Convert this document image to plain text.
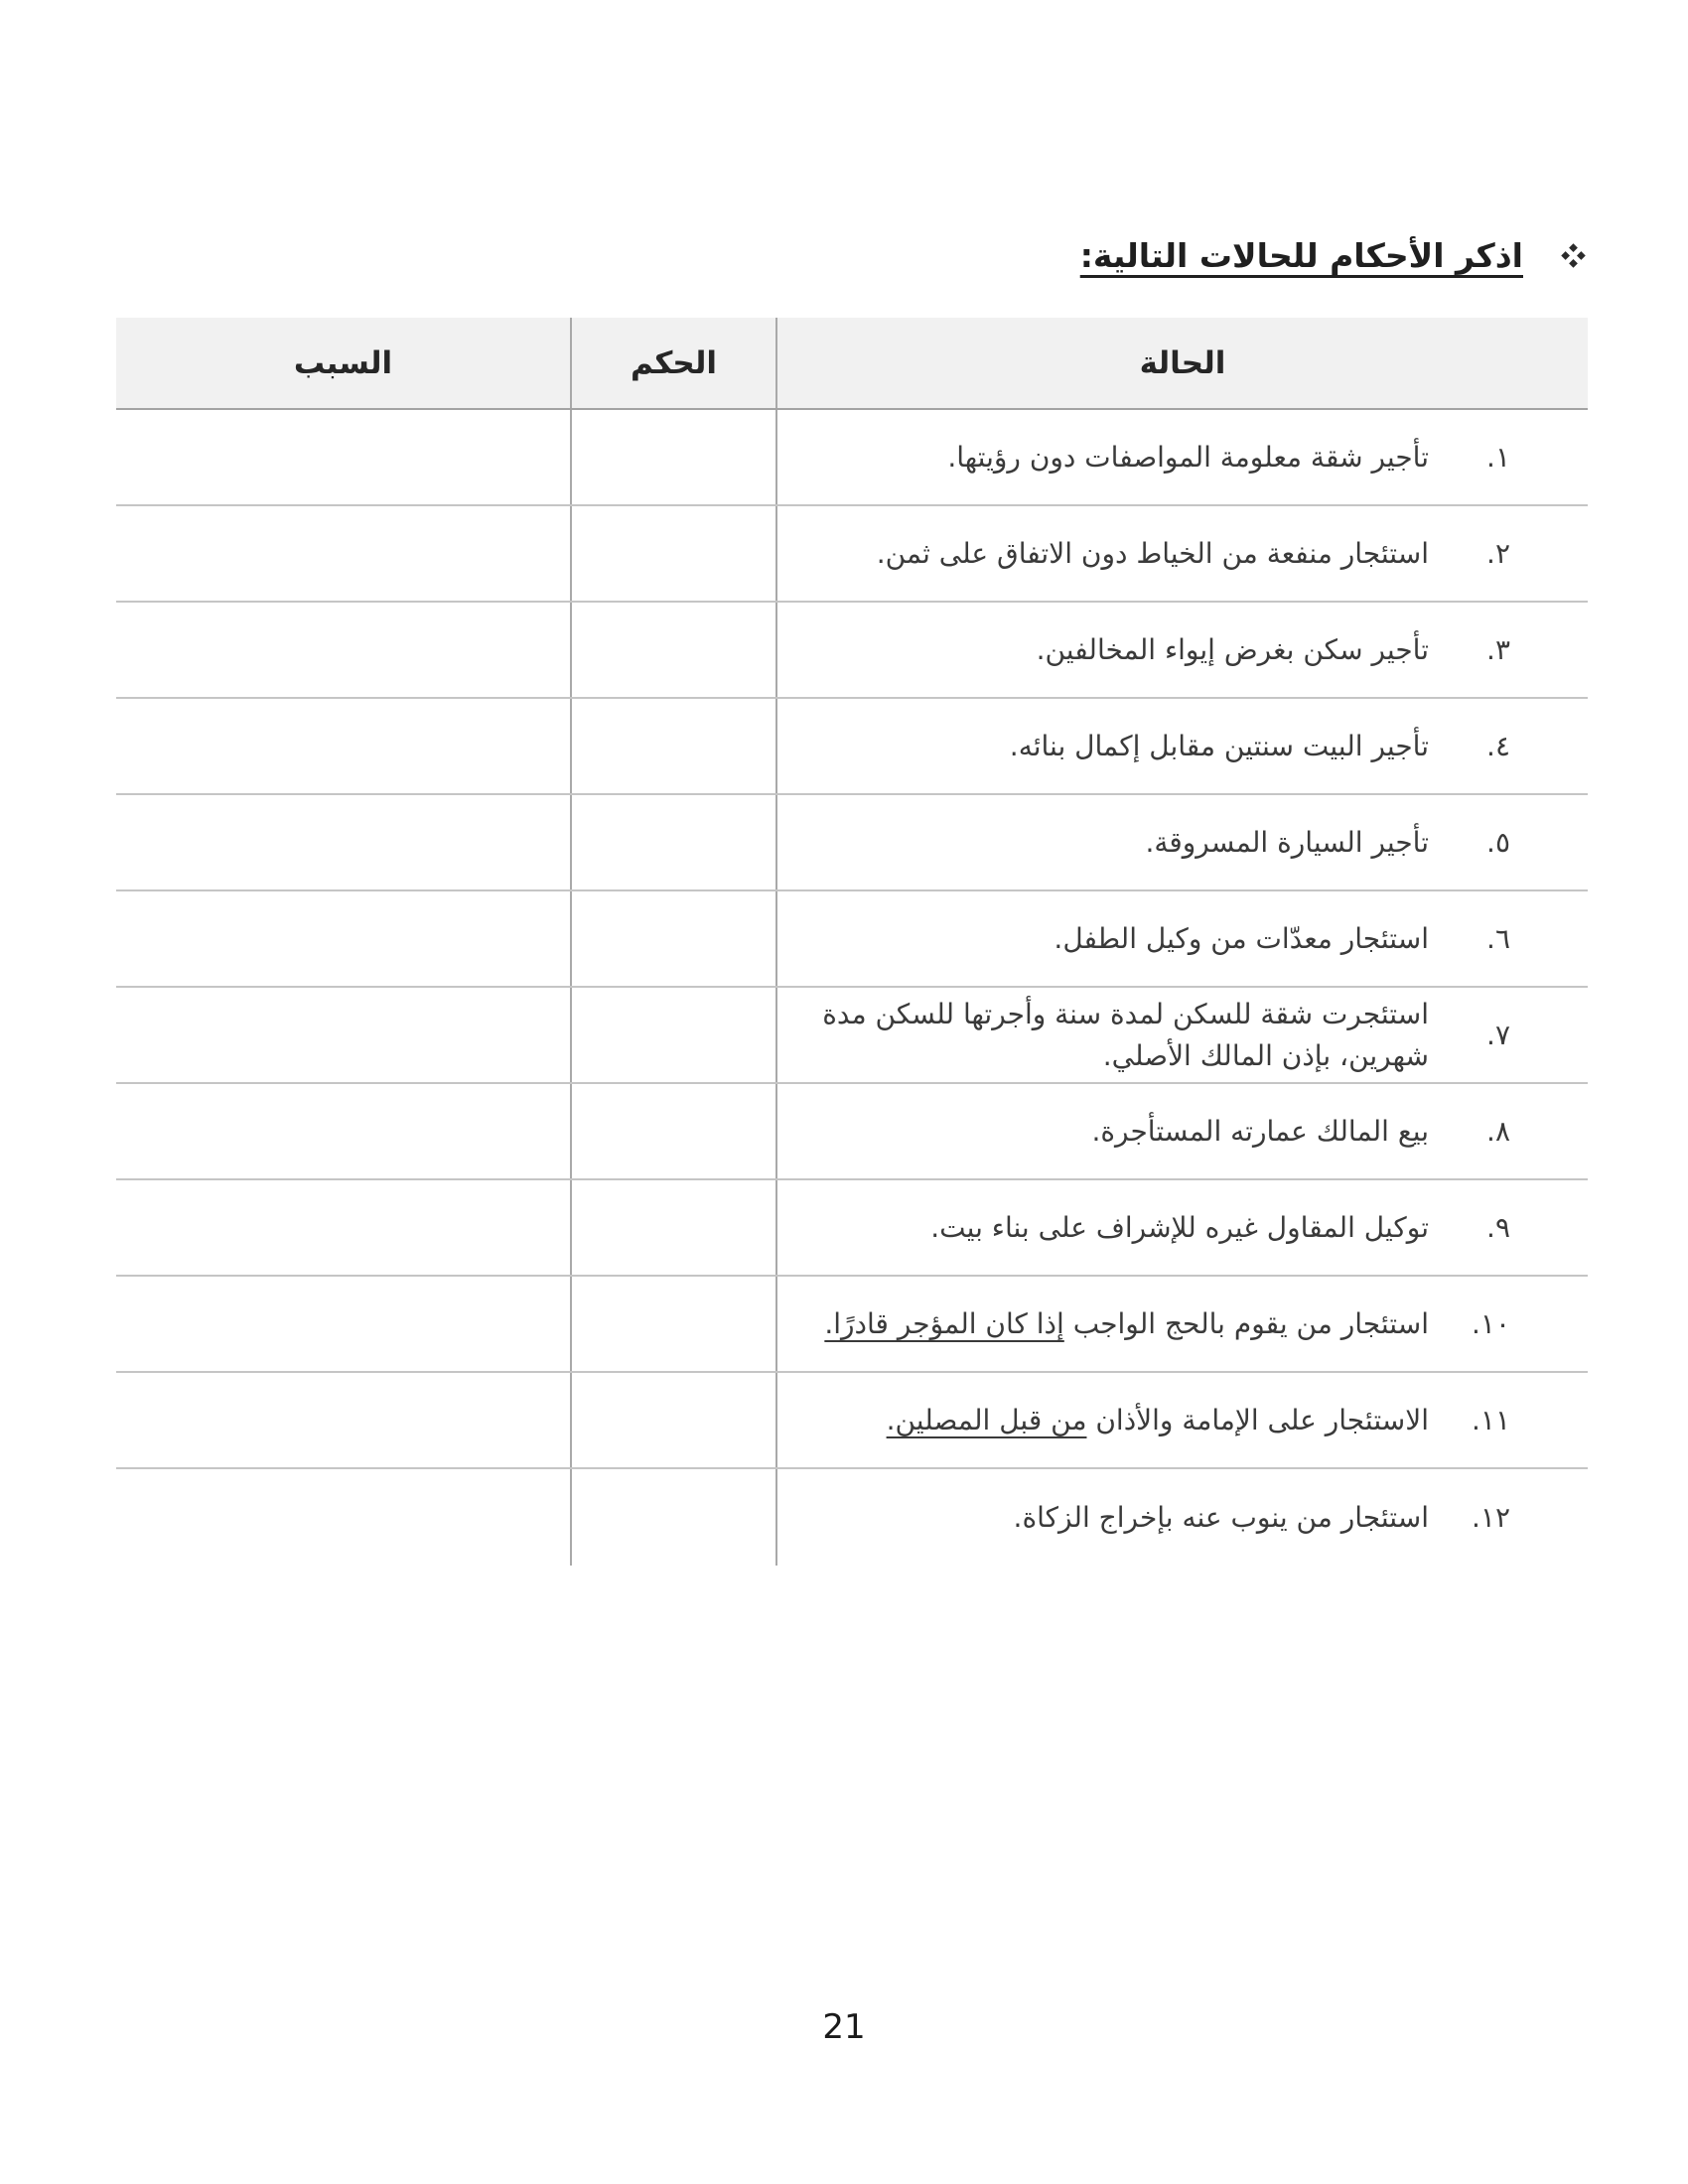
اذكر الأحكام للحالات التالية:
الحالة
الحكم
السبب
١.
تأجير شقة معلومة المواصفات دون رؤيتها.
٢.
استئجار منفعة من الخياط دون الاتفاق على ثمن.
٣.
تأجير سكن بغرض إيواء المخالفين.
٤.
تأجير البيت سنتين مقابل إكمال بنائه.
٥.
تأجير السيارة المسروقة.
٦.
استئجار معدّات من وكيل الطفل.
٧.
استئجرت شقة للسكن لمدة سنة وأجرتها للسكن مدة شهرين، بإذن المالك الأصلي.
٨.
بيع المالك عمارته المستأجرة.
٩.
توكيل المقاول غيره للإشراف على بناء بيت.
١٠.
استئجار من يقوم بالحج الواجب إذا كان المؤجر قادرًا.
١١.
الاستئجار على الإمامة والأذان من قبل المصلين.
١٢.
استئجار من ينوب عنه بإخراج الزكاة.
21
